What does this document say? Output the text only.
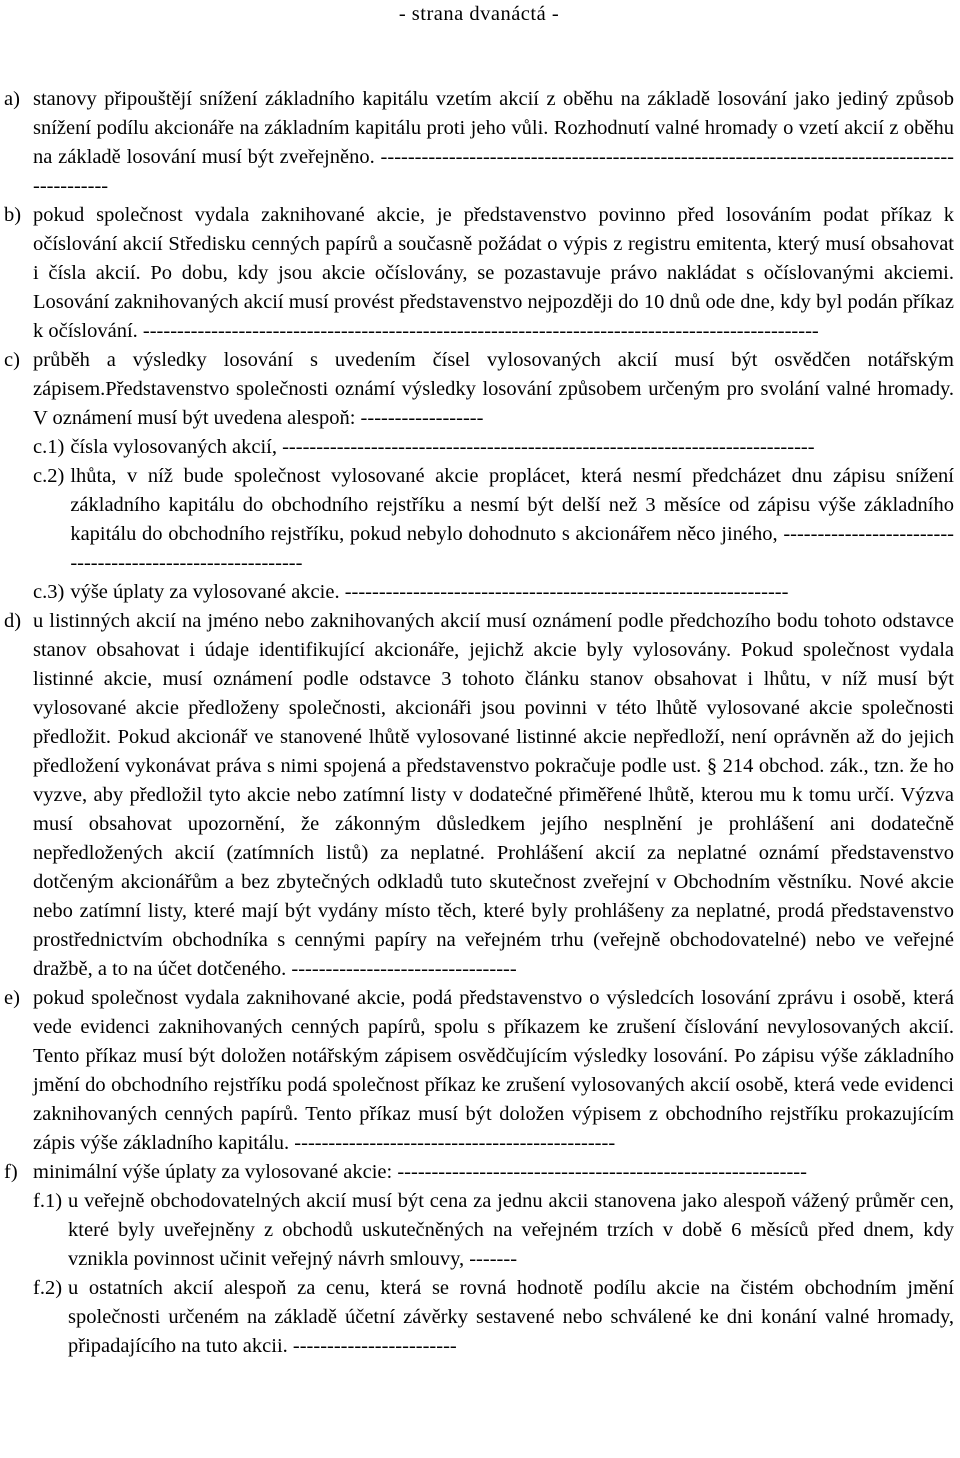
- strana dvanáctá -
a) stanovy připouštějí snížení základního kapitálu vzetím akcií z oběhu na základě losování jako jediný způsob snížení podílu akcionáře na základním kapitálu proti jeho vůli. Rozhodnutí valné hromady o vzetí akcií z oběhu na základě losování musí být zveřejněno. -----------------------------------------------------------------------------------------------
b) pokud společnost vydala zaknihované akcie, je představenstvo povinno před losováním podat příkaz k očíslování akcií Středisku cenných papírů a současně požádat o výpis z registru emitenta, který musí obsahovat i čísla akcií. Po dobu, kdy jsou akcie očíslovány, se pozastavuje právo nakládat s očíslovanými akciemi. Losování zaknihovaných akcií musí provést představenstvo nejpozději do 10 dnů ode dne, kdy byl podán příkaz k očíslování. ---------------------------------------------------------------------------------------------------
c) průběh a výsledky losování s uvedením čísel vylosovaných akcií musí být osvědčen notářským zápisem.Představenstvo společnosti oznámí výsledky losování způsobem určeným pro svolání valné hromady. V oznámení musí být uvedena alespoň: ------------------
c.1) čísla vylosovaných akcií, ------------------------------------------------------------------------------
c.2) lhůta, v níž bude společnost vylosované akcie proplácet, která nesmí předcházet dnu zápisu snížení základního kapitálu do obchodního rejstříku a nesmí být delší než 3 měsíce od zápisu výše základního kapitálu do obchodního rejstříku, pokud nebylo dohodnuto s akcionářem něco jiného, -----------------------------------------------------------
c.3) výše úplaty za vylosované akcie. -----------------------------------------------------------------
d) u listinných akcií na jméno nebo zaknihovaných akcií musí oznámení podle předchozího bodu tohoto odstavce stanov obsahovat i údaje identifikující akcionáře, jejichž akcie byly vylosovány. Pokud společnost vydala listinné akcie, musí oznámení podle odstavce 3 tohoto článku stanov obsahovat i lhůtu, v níž musí být vylosované akcie předloženy společnosti, akcionáři jsou povinni v této lhůtě vylosované akcie společnosti předložit. Pokud akcionář ve stanovené lhůtě vylosované listinné akcie nepředloží, není oprávněn až do jejich předložení vykonávat práva s nimi spojená a představenstvo pokračuje podle ust. § 214 obchod. zák., tzn. že ho vyzve, aby předložil tyto akcie nebo zatímní listy v dodatečné přiměřené lhůtě, kterou mu k tomu určí. Výzva musí obsahovat upozornění, že zákonným důsledkem jejího nesplnění je prohlášení ani dodatečně nepředložených akcií (zatímních listů) za neplatné. Prohlášení akcií za neplatné oznámí představenstvo dotčeným akcionářům a bez zbytečných odkladů tuto skutečnost zveřejní v Obchodním věstníku. Nové akcie nebo zatímní listy, které mají být vydány místo těch, které byly prohlášeny za neplatné, prodá představenstvo prostřednictvím obchodníka s cennými papíry na veřejném trhu (veřejně obchodovatelné) nebo ve veřejné dražbě, a to na účet dotčeného. ---------------------------------
e) pokud společnost vydala zaknihované akcie, podá představenstvo o výsledcích losování zprávu i osobě, která vede evidenci zaknihovaných cenných papírů, spolu s příkazem ke zrušení číslování nevylosovaných akcií. Tento příkaz musí být doložen notářským zápisem osvědčujícím výsledky losování. Po zápisu výše základního jmění do obchodního rejstříku podá společnost příkaz ke zrušení vylosovaných akcií osobě, která vede evidenci zaknihovaných cenných papírů. Tento příkaz musí být doložen výpisem z obchodního rejstříku prokazujícím zápis výše základního kapitálu. -----------------------------------------------
f) minimální výše úplaty za vylosované akcie: ------------------------------------------------------------
f.1) u veřejně obchodovatelných akcií musí být cena za jednu akcii stanovena jako alespoň vážený průměr cen, které byly uveřejněny z obchodů uskutečněných na veřejném trzích v době 6 měsíců před dnem, kdy vznikla povinnost učinit veřejný návrh smlouvy, -------
f.2) u ostatních akcií alespoň za cenu, která se rovná hodnotě podílu akcie na čistém obchodním jmění společnosti určeném na základě účetní závěrky sestavené nebo schválené ke dni konání valné hromady, připadajícího na tuto akcii. ------------------------
